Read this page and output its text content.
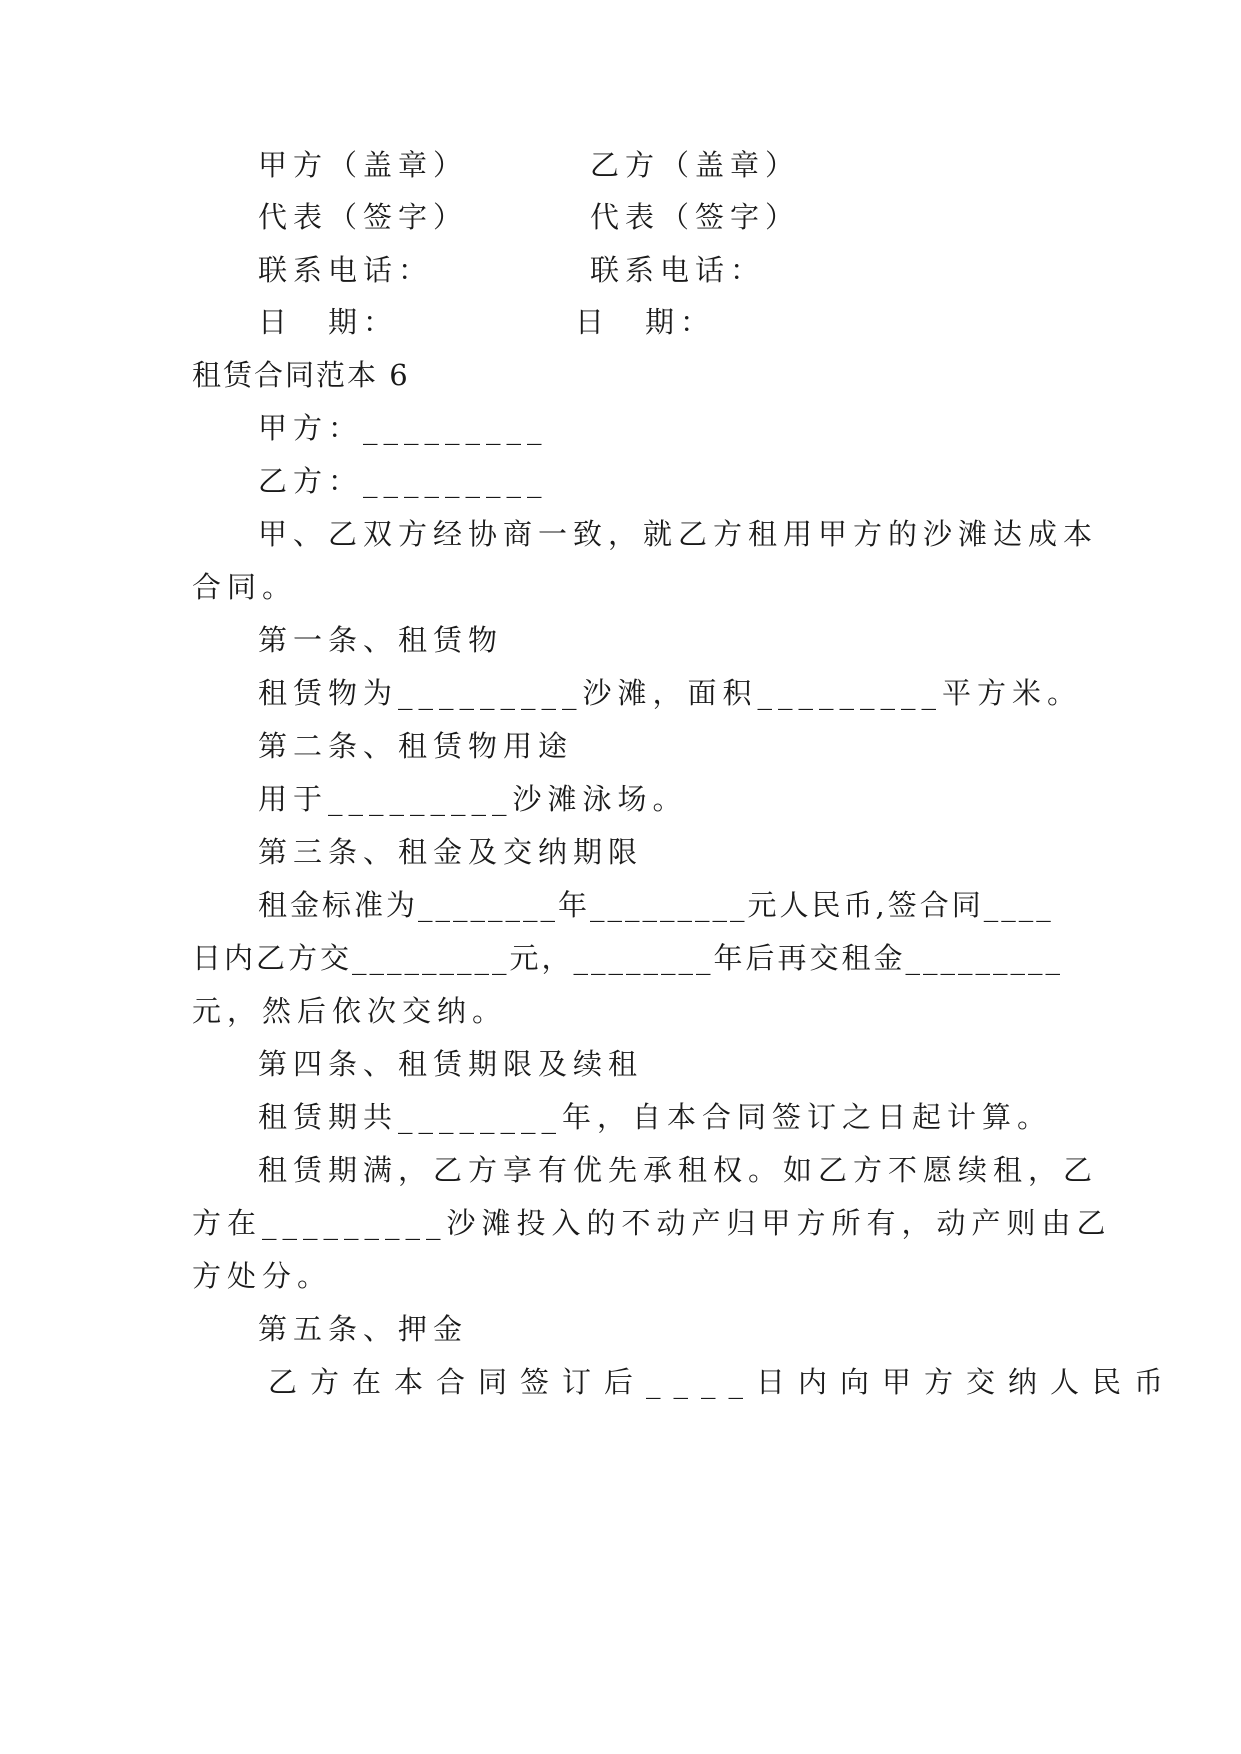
甲方（盖章）	乙方（盖章）
代表（签字）	代表（签字）
联系电话：	联系电话：
日　期：	日　期：
租赁合同范本 6
甲方：_________
乙方：_________
甲、乙双方经协商一致，就乙方租用甲方的沙滩达成本
合同。
第一条、租赁物
租赁物为_________沙滩，面积_________平方米。
第二条、租赁物用途
用于_________沙滩泳场。
第三条、租金及交纳期限
租金标准为________年_________元人民币,签合同____
日内乙方交_________元，________年后再交租金_________
元，然后依次交纳。
第四条、租赁期限及续租
租赁期共________年，自本合同签订之日起计算。
租赁期满，乙方享有优先承租权。如乙方不愿续租，乙
方在_________沙滩投入的不动产归甲方所有，动产则由乙
方处分。
第五条、押金
乙方在本合同签订后____日内向甲方交纳人民币
